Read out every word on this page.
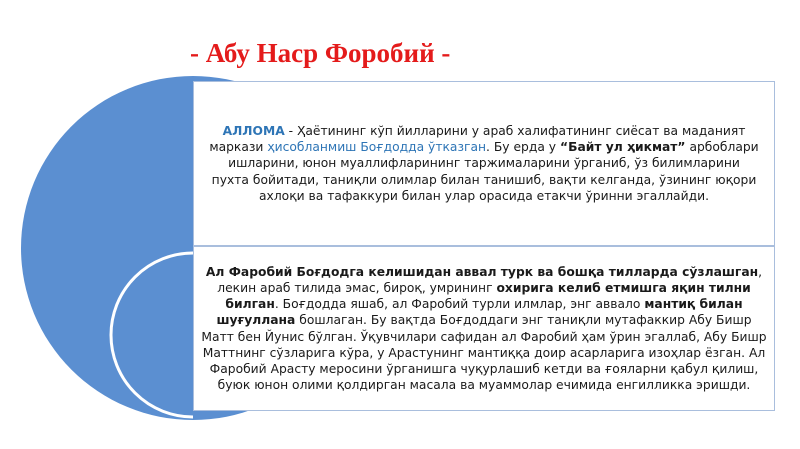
- Абу Наср Форобий -

АЛЛОМА - Ҳаётининг кўп йилларини у араб халифатининг сиёсат ва маданият маркази ҳисобланмиш Боғдодда ўтказган. Бу ерда у “Байт ул ҳикмат” арбоблари ишларини, юнон муаллифларининг таржималарини ўрганиб, ўз билимларини пухта бойитади, таниқли олимлар билан танишиб, вақти келганда, ўзининг юқори ахлоқи ва тафаккури билан улар орасида етакчи ўринни эгаллайди.

Ал Фаробий Боғдодга келишидан аввал турк ва бошқа тилларда сўзлашган, лекин араб тилида эмас, бироқ, умрининг охирига келиб етмишга яқин тилни билган. Боғдодда яшаб, ал Фаробий турли илмлар, энг аввало мантиқ билан шуғуллана бошлаган. Бу вақтда Боғдоддаги энг таниқли мутафаккир Абу Бишр Матт бен Йунис бўлган. Ўқувчилари сафидан ал Фаробий ҳам ўрин эгаллаб, Абу Бишр Маттнинг сўзларига кўра, у Арастунинг мантиққа доир асарларига изоҳлар ёзган. Ал Фаробий Арасту меросини ўрганишга чуқурлашиб кетди ва ғояларни қабул қилиш, буюк юнон олими қолдирган масала ва муаммолар ечимида енгилликка эришди.
